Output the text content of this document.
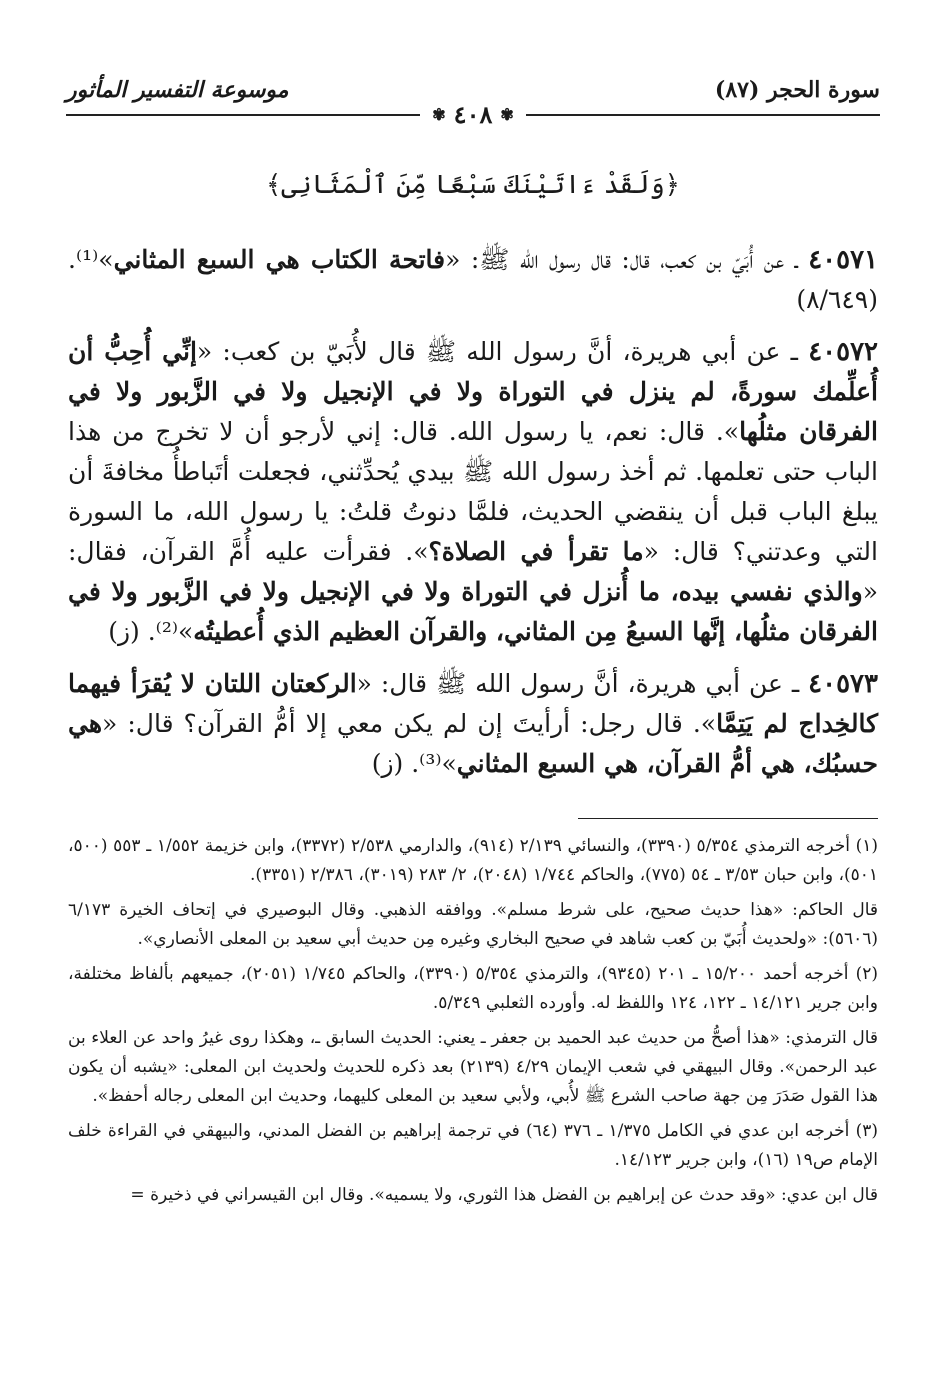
سورة الحجر (٨٧)
موسوعة التفسير المأثور
✾
٤٠٨
✾
﴿وَلَقَدْ ءَاتَيْنَكَ سَبْعًا مِّنَ ٱلْمَثَانِى﴾

٤٠٥٧١ ـ عن أُبَيّ بن كعب، قال: قال رسول الله ﷺ: «فاتحة الكتاب هي السبع المثاني»⁽¹⁾. (٨/٦٤٩)

٤٠٥٧٢ ـ عن أبي هريرة، أنَّ رسول الله ﷺ قال لأُبَيّ بن كعب: «إنِّي أُحِبُّ أن أُعلِّمك سورةً، لم ينزل في التوراة ولا في الإنجيل ولا في الزَّبور ولا في الفرقان مثلُها». قال: نعم، يا رسول الله. قال: إني لأرجو أن لا تخرج من هذا الباب حتى تعلمها. ثم أخذ رسول الله ﷺ بيدي يُحدِّثني، فجعلت أتَباطأُ مخافةَ أن يبلغ الباب قبل أن ينقضي الحديث، فلمَّا دنوتُ قلتُ: يا رسول الله، ما السورة التي وعدتني؟ قال: «ما تقرأ في الصلاة؟». فقرأت عليه أُمَّ القرآن، فقال: «والذي نفسي بيده، ما أُنزل في التوراة ولا في الإنجيل ولا في الزَّبور ولا في الفرقان مثلُها، إنَّها السبعُ مِن المثاني، والقرآن العظيم الذي أُعطيتُه»⁽²⁾. (ز)

٤٠٥٧٣ ـ عن أبي هريرة، أنَّ رسول الله ﷺ قال: «الركعتان اللتان لا يُقرَأ فيهما كالخِداج لم يَتِمَّا». قال رجل: أرأيتَ إن لم يكن معي إلا أمُّ القرآن؟ قال: «هي حسبُك، هي أمُّ القرآن، هي السبع المثاني»⁽³⁾. (ز)

(١) أخرجه الترمذي ٥/٣٥٤ (٣٣٩٠)، والنسائي ٢/١٣٩ (٩١٤)، والدارمي ٢/٥٣٨ (٣٣٧٢)، وابن خزيمة ١/٥٥٢ ـ ٥٥٣ (٥٠٠، ٥٠١)، وابن حبان ٣/٥٣ ـ ٥٤ (٧٧٥)، والحاكم ١/٧٤٤ (٢٠٤٨)، ٢/ ٢٨٣ (٣٠١٩)، ٢/٣٨٦ (٣٣٥١).

قال الحاكم: «هذا حديث صحيح، على شرط مسلم». ووافقه الذهبي. وقال البوصيري في إتحاف الخيرة ٦/١٧٣ (٥٦٠٦): «ولحديث أُبَيّ بن كعب شاهد في صحيح البخاري وغيره مِن حديث أبي سعيد بن المعلى الأنصاري».

(٢) أخرجه أحمد ١٥/٢٠٠ ـ ٢٠١ (٩٣٤٥)، والترمذي ٥/٣٥٤ (٣٣٩٠)، والحاكم ١/٧٤٥ (٢٠٥١)، جميعهم بألفاظ مختلفة، وابن جرير ١٤/١٢١ ـ ١٢٢، ١٢٤ واللفظ له. وأورده الثعلبي ٥/٣٤٩.

قال الترمذي: «هذا أصحُّ من حديث عبد الحميد بن جعفر ـ يعني: الحديث السابق ـ، وهكذا روى غيرُ واحد عن العلاء بن عبد الرحمن». وقال البيهقي في شعب الإيمان ٤/٢٩ (٢١٣٩) بعد ذكره للحديث ولحديث ابن المعلى: «يشبه أن يكون هذا القول صَدَرَ مِن جهة صاحب الشرع ﷺ لأُبي، ولأبي سعيد بن المعلى كليهما، وحديث ابن المعلى رجاله أحفظ».

(٣) أخرجه ابن عدي في الكامل ١/٣٧٥ ـ ٣٧٦ (٦٤) في ترجمة إبراهيم بن الفضل المدني، والبيهقي في القراءة خلف الإمام ص١٩ (١٦)، وابن جرير ١٤/١٢٣.

قال ابن عدي: «وقد حدث عن إبراهيم بن الفضل هذا الثوري، ولا يسميه». وقال ابن القيسراني في ذخيرة =
